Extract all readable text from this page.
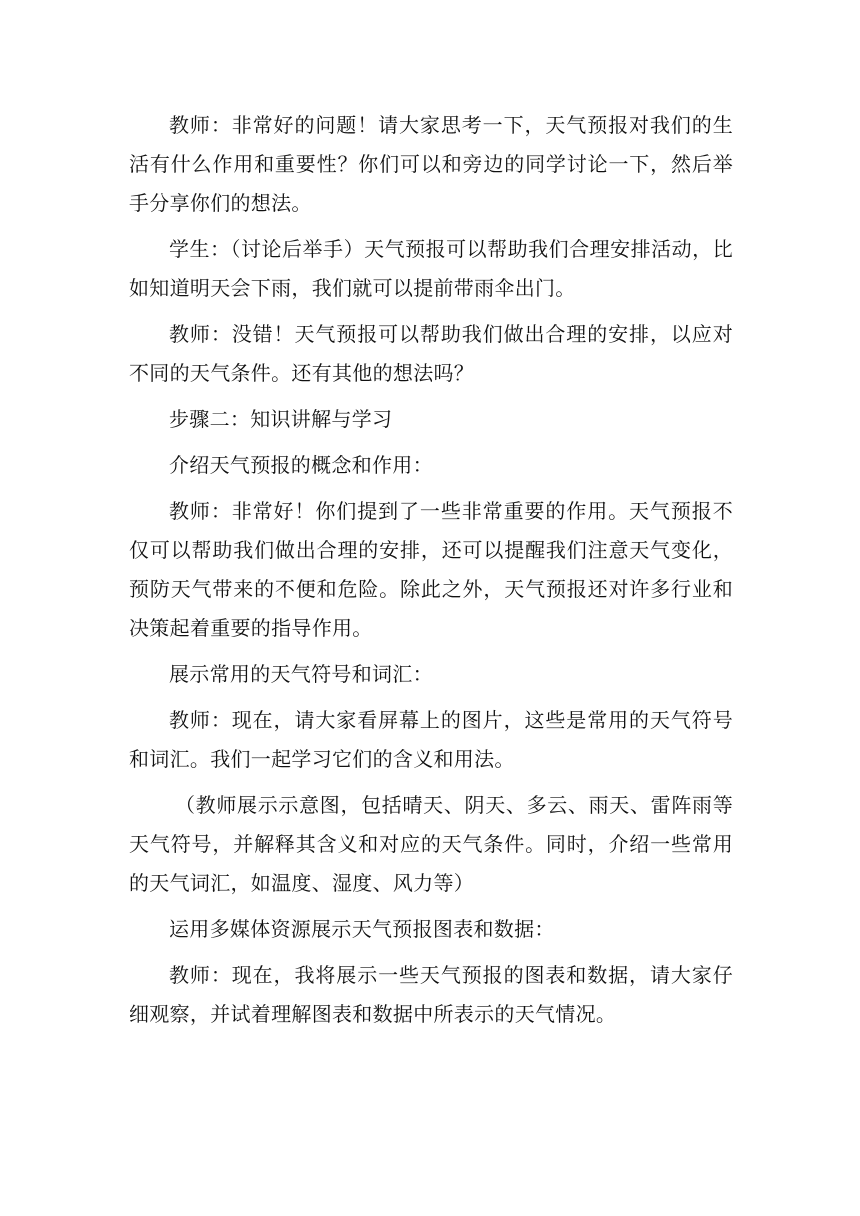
教师：非常好的问题！请大家思考一下，天气预报对我们的生活有什么作用和重要性？你们可以和旁边的同学讨论一下，然后举手分享你们的想法。

学生：（讨论后举手）天气预报可以帮助我们合理安排活动，比如知道明天会下雨，我们就可以提前带雨伞出门。

教师：没错！天气预报可以帮助我们做出合理的安排，以应对不同的天气条件。还有其他的想法吗？

步骤二：知识讲解与学习

介绍天气预报的概念和作用：

教师：非常好！你们提到了一些非常重要的作用。天气预报不仅可以帮助我们做出合理的安排，还可以提醒我们注意天气变化，预防天气带来的不便和危险。除此之外，天气预报还对许多行业和决策起着重要的指导作用。

展示常用的天气符号和词汇：

教师：现在，请大家看屏幕上的图片，这些是常用的天气符号和词汇。我们一起学习它们的含义和用法。

（教师展示示意图，包括晴天、阴天、多云、雨天、雷阵雨等天气符号，并解释其含义和对应的天气条件。同时，介绍一些常用的天气词汇，如温度、湿度、风力等）

运用多媒体资源展示天气预报图表和数据：

教师：现在，我将展示一些天气预报的图表和数据，请大家仔细观察，并试着理解图表和数据中所表示的天气情况。
